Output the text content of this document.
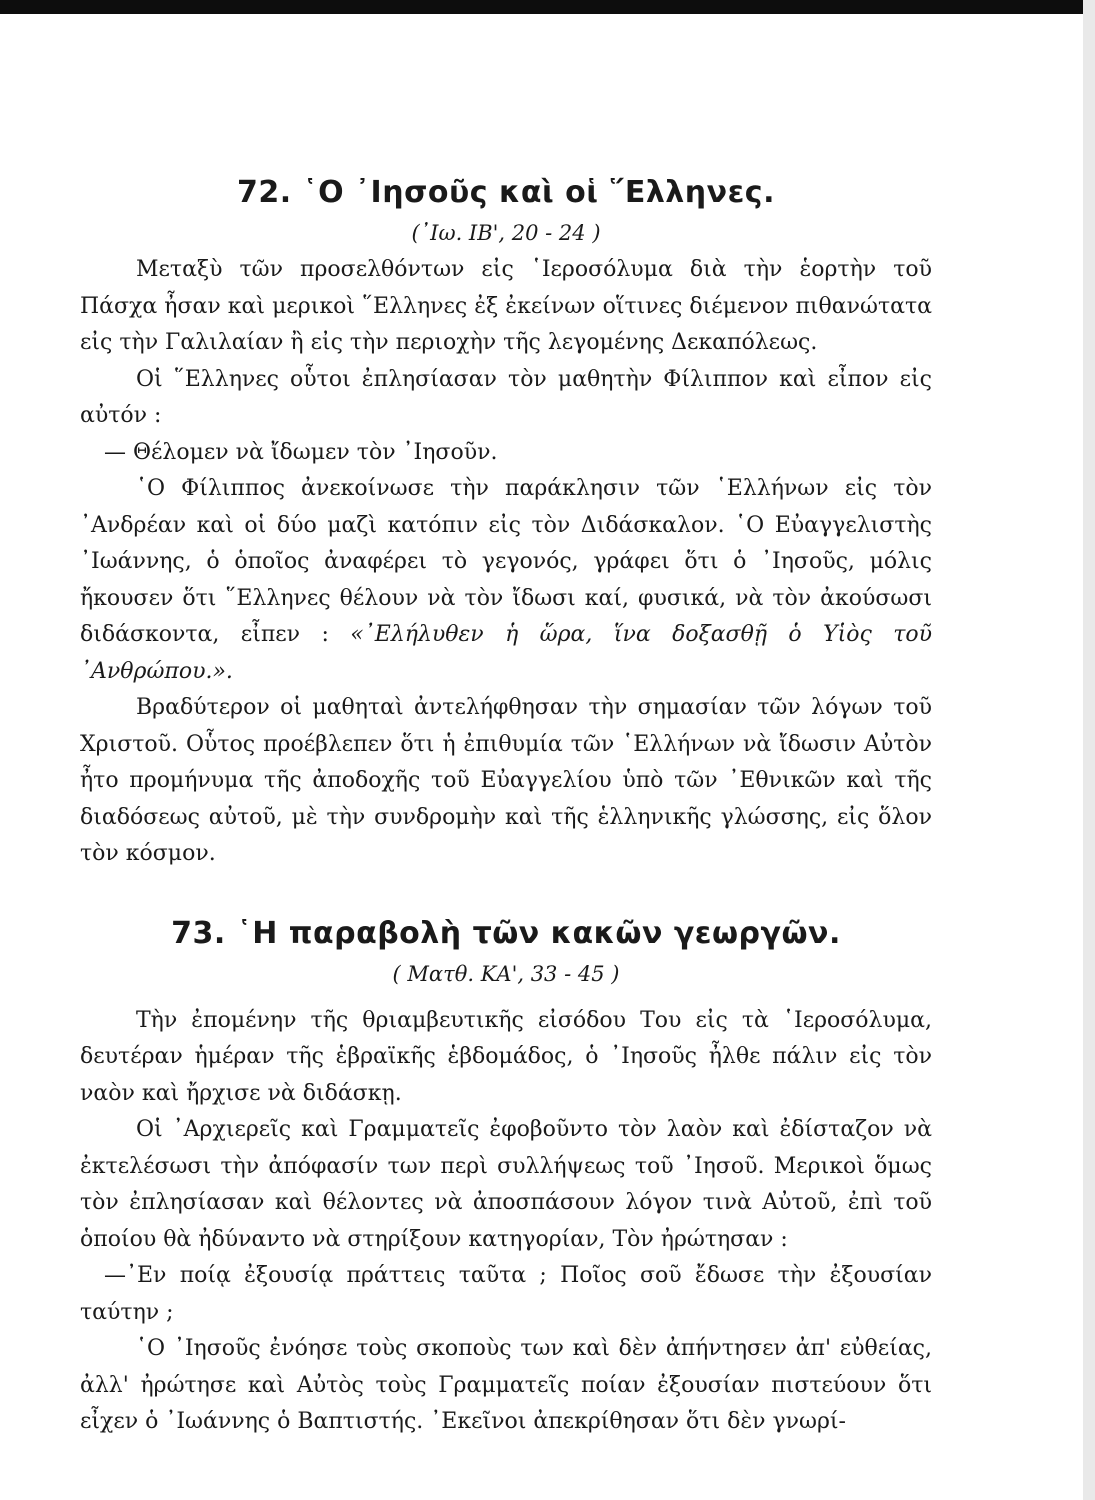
72. ῾Ο ᾿Ιησοῦς καὶ οἱ ῞Ελληνες.
(᾿Ιω. ΙΒ', 20 - 24 )

Μεταξὺ τῶν προσελθόντων εἰς ῾Ιεροσόλυμα διὰ τὴν ἑορτὴν τοῦ Πάσχα ἦσαν καὶ μερικοὶ ῞Ελληνες ἐξ ἐκείνων οἵτινες διέμενον πιθανώτατα εἰς τὴν Γαλιλαίαν ἢ εἰς τὴν περιοχὴν τῆς λεγομένης Δεκαπόλεως.

Οἱ ῞Ελληνες οὗτοι ἐπλησίασαν τὸν μαθητὴν Φίλιππον καὶ εἶπον εἰς αὐτόν :

— Θέλομεν νὰ ἴδωμεν τὸν ᾿Ιησοῦν.

῾Ο Φίλιππος ἀνεκοίνωσε τὴν παράκλησιν τῶν ῾Ελλήνων εἰς τὸν ᾿Ανδρέαν καὶ οἱ δύο μαζὶ κατόπιν εἰς τὸν Διδάσκαλον. ῾Ο Εὐαγγελιστὴς ᾿Ιωάννης, ὁ ὁποῖος ἀναφέρει τὸ γεγονός, γράφει ὅτι ὁ ᾿Ιησοῦς, μόλις ἤκουσεν ὅτι ῞Ελληνες θέλουν νὰ τὸν ἴδωσι καί, φυσικά, νὰ τὸν ἀκούσωσι διδάσκοντα, εἶπεν : «᾿Ελήλυθεν ἡ ὥρα, ἵνα δοξασθῇ ὁ Υἱὸς τοῦ ᾿Ανθρώπου.».

Βραδύτερον οἱ μαθηταὶ ἀντελήφθησαν τὴν σημασίαν τῶν λόγων τοῦ Χριστοῦ. Οὗτος προέβλεπεν ὅτι ἡ ἐπιθυμία τῶν ῾Ελλήνων νὰ ἴδωσιν Αὐτὸν ἦτο προμήνυμα τῆς ἀποδοχῆς τοῦ Εὐαγγελίου ὑπὸ τῶν ᾿Εθνικῶν καὶ τῆς διαδόσεως αὐτοῦ, μὲ τὴν συνδρομὴν καὶ τῆς ἑλληνικῆς γλώσσης, εἰς ὅλον τὸν κόσμον.

73. ῾Η παραβολὴ τῶν κακῶν γεωργῶν.
( Ματθ. ΚΑ', 33 - 45 )

Τὴν ἐπομένην τῆς θριαμβευτικῆς εἰσόδου Του εἰς τὰ ῾Ιεροσόλυμα, δευτέραν ἡμέραν τῆς ἑβραϊκῆς ἑβδομάδος, ὁ ᾿Ιησοῦς ἦλθε πάλιν εἰς τὸν ναὸν καὶ ἤρχισε νὰ διδάσκῃ.

Οἱ ᾿Αρχιερεῖς καὶ Γραμματεῖς ἐφοβοῦντο τὸν λαὸν καὶ ἐδίσταζον νὰ ἐκτελέσωσι τὴν ἀπόφασίν των περὶ συλλήψεως τοῦ ᾿Ιησοῦ. Μερικοὶ ὅμως τὸν ἐπλησίασαν καὶ θέλοντες νὰ ἀποσπάσουν λόγον τινὰ Αὐτοῦ, ἐπὶ τοῦ ὁποίου θὰ ἠδύναντο νὰ στηρίξουν κατηγορίαν, Τὸν ἠρώτησαν :

—᾿Εν ποίᾳ ἐξουσίᾳ πράττεις ταῦτα ; Ποῖος σοῦ ἔδωσε τὴν ἐξουσίαν ταύτην ;

῾Ο ᾿Ιησοῦς ἐνόησε τοὺς σκοποὺς των καὶ δὲν ἀπήντησεν ἀπ' εὐθείας, ἀλλ' ἠρώτησε καὶ Αὐτὸς τοὺς Γραμματεῖς ποίαν ἐξουσίαν πιστεύουν ὅτι εἶχεν ὁ ᾿Ιωάννης ὁ Βαπτιστής. ᾿Εκεῖνοι ἀπεκρίθησαν ὅτι δὲν γνωρί-
